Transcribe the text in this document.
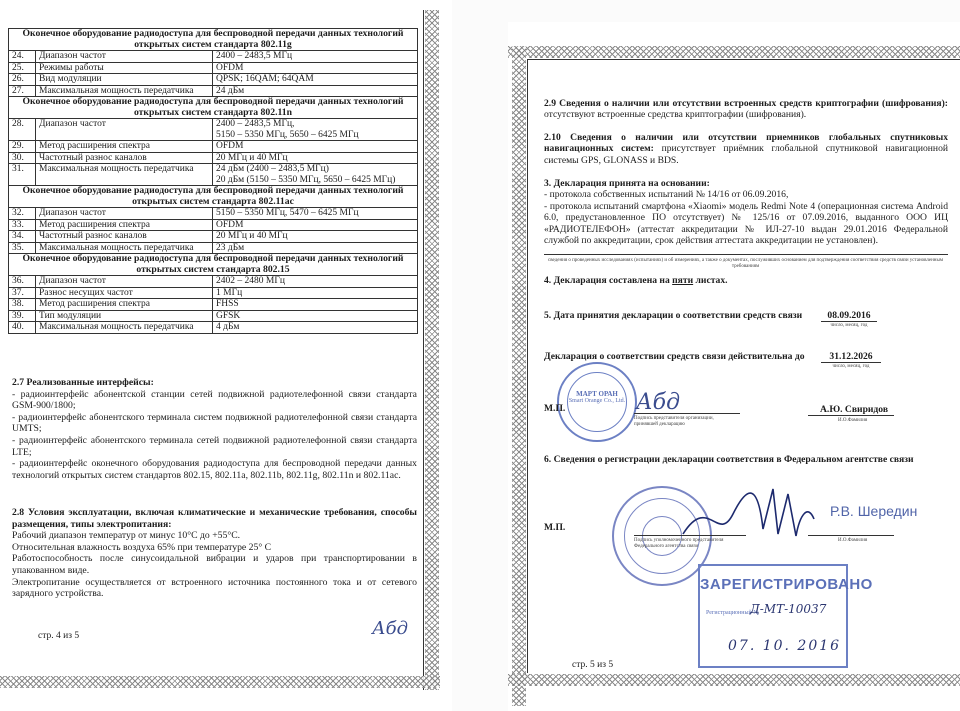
Оконечное оборудование радиодоступа для беспроводной передачи данных технологий открытых систем стандарта 802.11g		
24.	Диапазон частот	2400 – 2483,5 МГц
25.	Режимы работы	OFDM
26.	Вид модуляции	QPSK; 16QAM; 64QAM
27.	Максимальная мощность передатчика	24 дБм
Оконечное оборудование радиодоступа для беспроводной передачи данных технологий открытых систем стандарта 802.11n		
28.	Диапазон частот	2400 – 2483,5 МГц,
5150 – 5350 МГц, 5650 – 6425 МГц
29.	Метод расширения спектра	OFDM
30.	Частотный разнос каналов	20 МГц и 40 МГц
31.	Максимальная мощность передатчика	24 дБм (2400 – 2483,5 МГц)
20 дБм (5150 – 5350 МГц, 5650 – 6425 МГц)
Оконечное оборудование радиодоступа для беспроводной передачи данных технологий открытых систем стандарта 802.11ac		
32.	Диапазон частот	5150 – 5350 МГц, 5470 – 6425 МГц
33.	Метод расширения спектра	OFDM
34.	Частотный разнос каналов	20 МГц и 40 МГц
35.	Максимальная мощность передатчика	23 дБм
Оконечное оборудование радиодоступа для беспроводной передачи данных технологий открытых систем стандарта 802.15		
36.	Диапазон частот	2402 – 2480 МГц
37.	Разнос несущих частот	1 МГц
38.	Метод расширения спектра	FHSS
39.	Тип модуляции	GFSK
40.	Максимальная мощность передатчика	4 дБм
2.7 Реализованные интерфейсы:
- радиоинтерфейс абонентской станции сетей подвижной радиотелефонной связи стандарта GSM-900/1800;
- радиоинтерфейс абонентского терминала систем подвижной радиотелефонной связи стандарта UMTS;
- радиоинтерфейс абонентского терминала сетей подвижной радиотелефонной связи стандарта LTE;
- радиоинтерфейс оконечного оборудования радиодоступа для беспроводной передачи данных технологий открытых систем стандартов 802.15, 802.11a, 802.11b, 802.11g, 802.11n и 802.11ac.
2.8 Условия эксплуатации, включая климатические и механические требования, способы размещения, типы электропитания:
Рабочий диапазон температур от минус 10°С до +55°С.
Относительная влажность воздуха 65% при температуре 25° С
Работоспособность после синусоидальной вибрации и ударов при транспортировании в упакованном виде.
Электропитание осуществляется от встроенного источника постоянного тока и от сетевого зарядного устройства.
стр. 4 из 5	Абд
2.9 Сведения о наличии или отсутствии встроенных средств криптографии (шифрования): отсутствуют встроенные средства криптографии (шифрования).
2.10 Сведения о наличии или отсутствии приемников глобальных спутниковых навигационных систем: присутствует приёмник глобальной спутниковой навигационной системы GPS, GLONASS и BDS.
3. Декларация принята на основании:
- протокола собственных испытаний № 14/16 от 06.09.2016,
- протокола испытаний смартфона «Xiaomi» модель Redmi Note 4 (операционная система Android 6.0, предустановленное ПО отсутствует) № 125/16 от 07.09.2016, выданного ООО ИЦ «РАДИОТЕЛЕФОН» (аттестат аккредитации № ИЛ-27-10 выдан 29.01.2016 Федеральной службой по аккредитации, срок действия аттестата аккредитации не установлен).
сведения о проведенных исследованиях (испытаниях) и об измерениях, а также о документах, послуживших основанием для подтверждения соответствия средств связи установленным требованиям
4. Декларация составлена на пяти листах.
5. Дата принятия декларации о соответствии средств связи	08.09.2016
число, месяц, год
Декларация о соответствии средств связи действительна до	31.12.2026
число, месяц, год
МАРТ ОРАН
Smart Orange Co., Ltd.
М.П.	Абд
Подпись представителя организации, принявшей декларацию
А.Ю. Свиридов
И.О.Фамилия
6. Сведения о регистрации декларации соответствия в Федеральном агентстве связи
М.П.
Подпись уполномоченного представителя Федерального агентства связи
Р.В. Шередин
И.О.Фамилия
ЗАРЕГИСТРИРОВАНО
Регистрационный №
Д-МТ-10037
07. 10. 2016
стр. 5 из 5
